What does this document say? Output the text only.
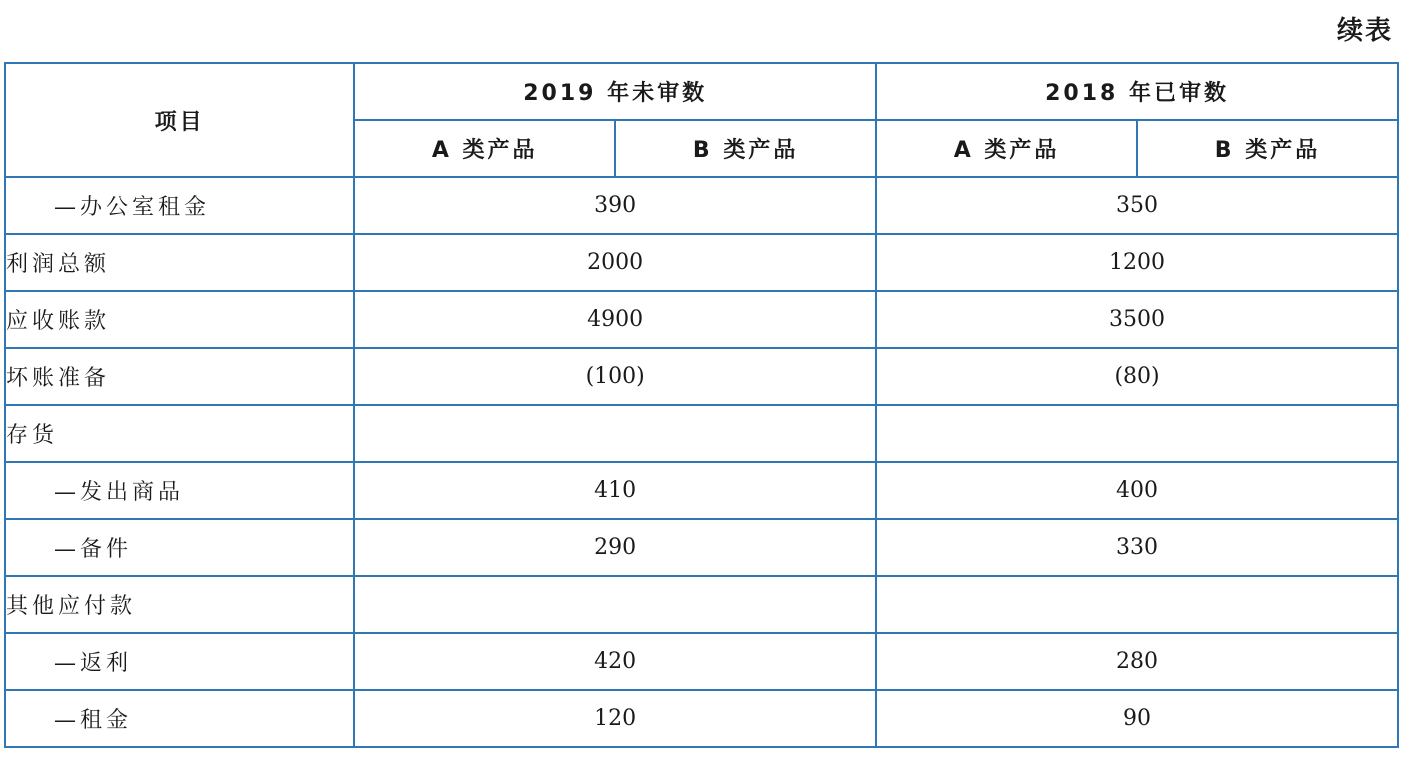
续表
项目	2019 年未审数		2018 年已审数	
	A 类产品	B 类产品	A 类产品	B 类产品
—办公室租金	390		350	
利润总额	2000		1200	
应收账款	4900		3500	
坏账准备	(100)		(80)	
存货				
—发出商品	410		400	
—备件	290		330	
其他应付款				
—返利	420		280	
—租金	120		90	
